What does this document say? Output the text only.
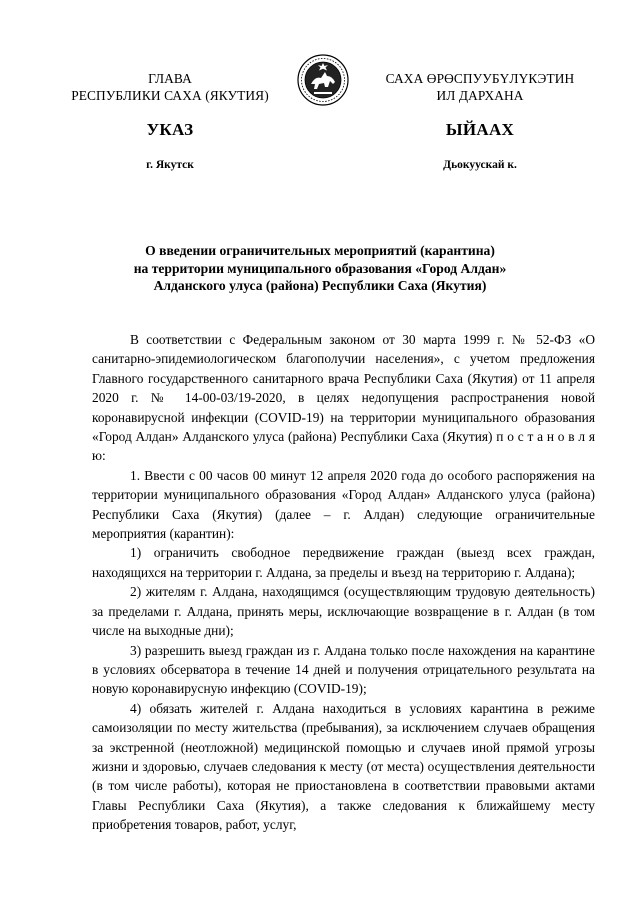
ГЛАВА
РЕСПУБЛИКИ САХА (ЯКУТИЯ)
САХА ӨРӨСПУУБҮЛҮКЭТИН
ИЛ ДАРХАНА
УКАЗ	ЫЙААХ
г. Якутск	Дьокуускай к.
О введении ограничительных мероприятий (карантина)
на территории муниципального образования «Город Алдан»
Алданского улуса (района) Республики Саха (Якутия)

В соответствии с Федеральным законом от 30 марта 1999 г. № 52-ФЗ «О санитарно-эпидемиологическом благополучии населения», с учетом предложения Главного государственного санитарного врача Республики Саха (Якутия) от 11 апреля 2020 г. № 14-00-03/19-2020, в целях недопущения распространения новой коронавирусной инфекции (COVID-19) на территории муниципального образования «Город Алдан» Алданского улуса (района) Республики Саха (Якутия) п о с т а н о в л я ю:

1. Ввести с 00 часов 00 минут 12 апреля 2020 года до особого распоряжения на территории муниципального образования «Город Алдан» Алданского улуса (района) Республики Саха (Якутия) (далее – г. Алдан) следующие ограничительные мероприятия (карантин):

1) ограничить свободное передвижение граждан (выезд всех граждан, находящихся на территории г. Алдана, за пределы и въезд на территорию г. Алдана);

2) жителям г. Алдана, находящимся (осуществляющим трудовую деятельность) за пределами г. Алдана, принять меры, исключающие возвращение в г. Алдан (в том числе на выходные дни);

3) разрешить выезд граждан из г. Алдана только после нахождения на карантине в условиях обсерватора в течение 14 дней и получения отрицательного результата на новую коронавирусную инфекцию (COVID-19);

4) обязать жителей г. Алдана находиться в условиях карантина в режиме самоизоляции по месту жительства (пребывания), за исключением случаев обращения за экстренной (неотложной) медицинской помощью и случаев иной прямой угрозы жизни и здоровью, случаев следования к месту (от места) осуществления деятельности (в том числе работы), которая не приостановлена в соответствии правовыми актами Главы Республики Саха (Якутия), а также следования к ближайшему месту приобретения товаров, работ, услуг,
